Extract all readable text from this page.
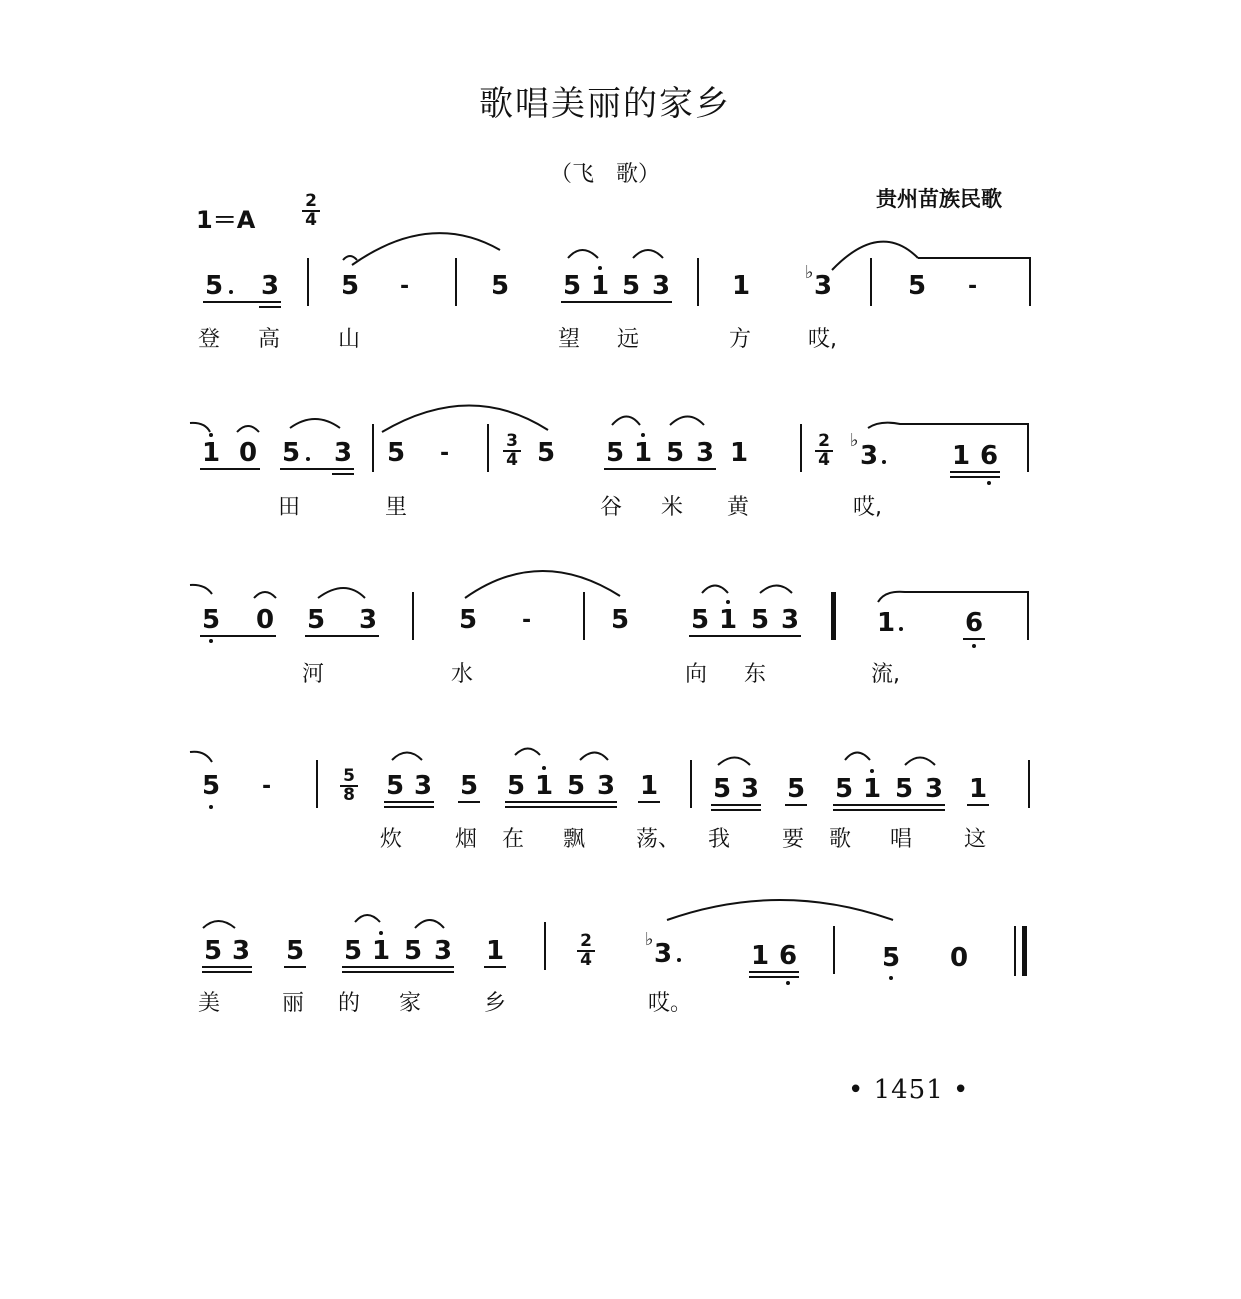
歌唱美丽的家乡
（飞　歌）
贵州苗族民歌
1＝A	$\frac{2}{4}$
5 3 5 -	5 5 1 5 3 1	♭ 3	5 -
登 高	山	望 远	方	哎,
1 0 5 3 5 -	$\frac{3}{4} 5$ 5 1 5 3 1	$\frac{2}{4}$ ♭
3	1 6
田	里	谷 米 黄	哎,
5 0 5 3	5 -	5 5 1 5 3	1	6
河	水	向 东	流,
5 -	$\frac{5}{8} 5$ 3 5 5 1 5 3 1 5 3 5 5 1 5 3 1
炊 烟 在 飘 荡、 我 要 歌 唱 这
5 3 5 5 1 5 3 1	$\frac{2}{4}$	♭ 3	1 6	5 0
美	丽 的 家	乡	哎。
• 1451 •
